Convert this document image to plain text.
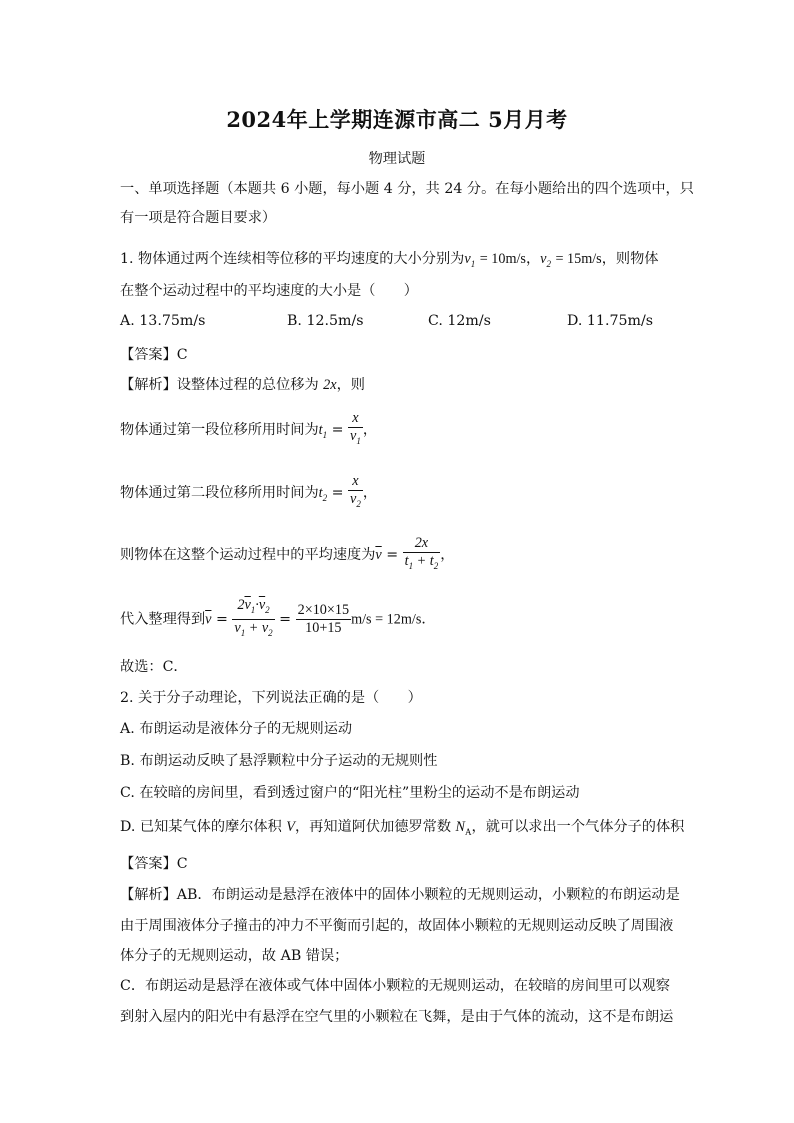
2024年上学期连源市高二 5月月考
物理试题
一、单项选择题（本题共 6 小题，每小题 4 分，共 24 分。在每小题给出的四个选项中，只
有一项是符合题目要求）
1. 物体通过两个连续相等位移的平均速度的大小分别为$v_1 = 10m/s$，$v_2 = 15m/s$，则物体
在整个运动过程中的平均速度的大小是（　　）
A. 13.75m/s	B. 12.5m/s	C. 12m/s	D. 11.75m/s
【答案】C
【解析】设整体过程的总位移为 2x，则
物体通过第一段位移所用时间为$t_1 = \frac{x}{\overline{v}_1}$ ，
物体通过第二段位移所用时间为$t_2 = \frac{x}{\overline{v}_2}$ ，
则物体在这整个运动过程中的平均速度为$\overline{v} = \frac{2x}{t_1 + t_2}$ ，
代入整理得到$\overline{v} = \frac{2\overline{v}_1\cdot\overline{v}_2}{\overline{v}_1 + \overline{v}_2} = \frac{2\times 10\times 15}{10+15} m/s = 12m/s$．
故选：C．
2. 关于分子动理论，下列说法正确的是（　　）
A. 布朗运动是液体分子的无规则运动
B. 布朗运动反映了悬浮颗粒中分子运动的无规则性
C. 在较暗的房间里，看到透过窗户的“阳光柱”里粉尘的运动不是布朗运动
D. 已知某气体的摩尔体积 V，再知道阿伏加德罗常数 $N_A$，就可以求出一个气体分子的体积
【答案】C
【解析】AB．布朗运动是悬浮在液体中的固体小颗粒的无规则运动，小颗粒的布朗运动是
由于周围液体分子撞击的冲力不平衡而引起的，故固体小颗粒的无规则运动反映了周围液
体分子的无规则运动，故 AB 错误；
C．布朗运动是悬浮在液体或气体中固体小颗粒的无规则运动，在较暗的房间里可以观察
到射入屋内的阳光中有悬浮在空气里的小颗粒在飞舞，是由于气体的流动，这不是布朗运
